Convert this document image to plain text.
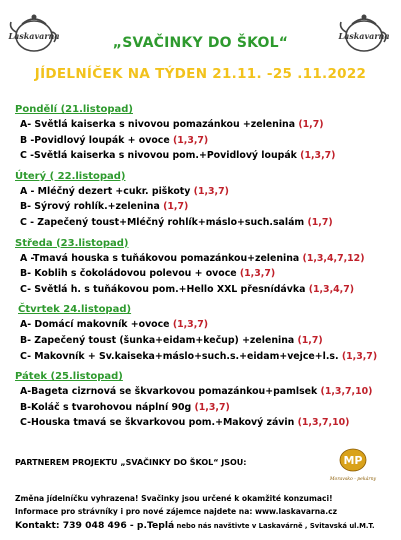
Laskavarna	Laskavarna
„SVAČINKY DO ŠKOL“
JÍDELNÍČEK NA TÝDEN 21.11. -25 .11.2022
Pondělí (21.listopad)
A- Světlá kaiserka s nivovou pomazánkou +zelenina (1,7)
B -Povidlový loupák + ovoce (1,3,7)
C -Světlá kaiserka s nivovou pom.+Povidlový loupák (1,3,7)
Úterý ( 22.listopad)
A - Mléčný dezert +cukr. piškoty (1,3,7)
B- Sýrový rohlík.+zelenina (1,7)
C - Zapečený toust+Mléčný rohlík+máslo+such.salám (1,7)
Středa (23.listopad)
A -Tmavá houska s tuňákovou pomazánkou+zelenina (1,3,4,7,12)
B- Koblih s čokoládovou polevou + ovoce (1,3,7)
C- Světlá h. s tuňákovou pom.+Hello XXL přesnídávka (1,3,4,7)
Čtvrtek 24.listopad)
A- Domácí makovník +ovoce (1,3,7)
B- Zapečený toust (šunka+eidam+kečup) +zelenina (1,7)
C- Makovník + Sv.kaiseka+máslo+such.s.+eidam+vejce+l.s. (1,3,7)
Pátek (25.listopad)
A-Bageta cizrnová se škvarkovou pomazánkou+pamlsek (1,3,7,10)
B-Koláč s tvarohovou náplní 90g (1,3,7)
C-Houska tmavá se škvarkovou pom.+Makový závin (1,3,7,10)
PARTNEREM PROJEKTU „SVAČINKY DO ŠKOL“ JSOU:	MP
Moravsko - pekárny
Změna jídelníčku vyhrazena! Svačinky jsou určené k okamžité konzumaci!
Informace pro strávníky i pro nové zájemce najdete na: www.laskavarna.cz
Kontakt: 739 048 496 - p.Teplá nebo nás navštivte v Laskavárně , Svitavská ul.M.T.
